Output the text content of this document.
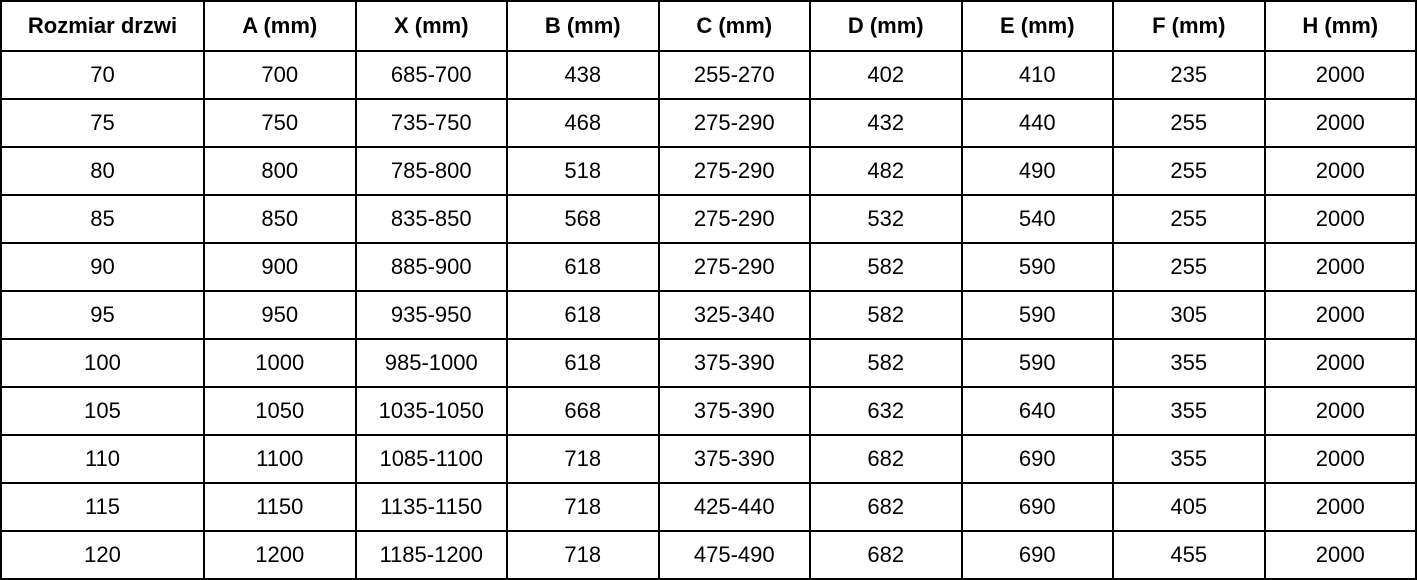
Rozmiar drzwi	A (mm)	X (mm)	B (mm)	C (mm)	D (mm)	E (mm)	F (mm)	H (mm)
70	700	685-700	438	255-270	402	410	235	2000
75	750	735-750	468	275-290	432	440	255	2000
80	800	785-800	518	275-290	482	490	255	2000
85	850	835-850	568	275-290	532	540	255	2000
90	900	885-900	618	275-290	582	590	255	2000
95	950	935-950	618	325-340	582	590	305	2000
100	1000	985-1000	618	375-390	582	590	355	2000
105	1050	1035-1050	668	375-390	632	640	355	2000
110	1100	1085-1100	718	375-390	682	690	355	2000
115	1150	1135-1150	718	425-440	682	690	405	2000
120	1200	1185-1200	718	475-490	682	690	455	2000
